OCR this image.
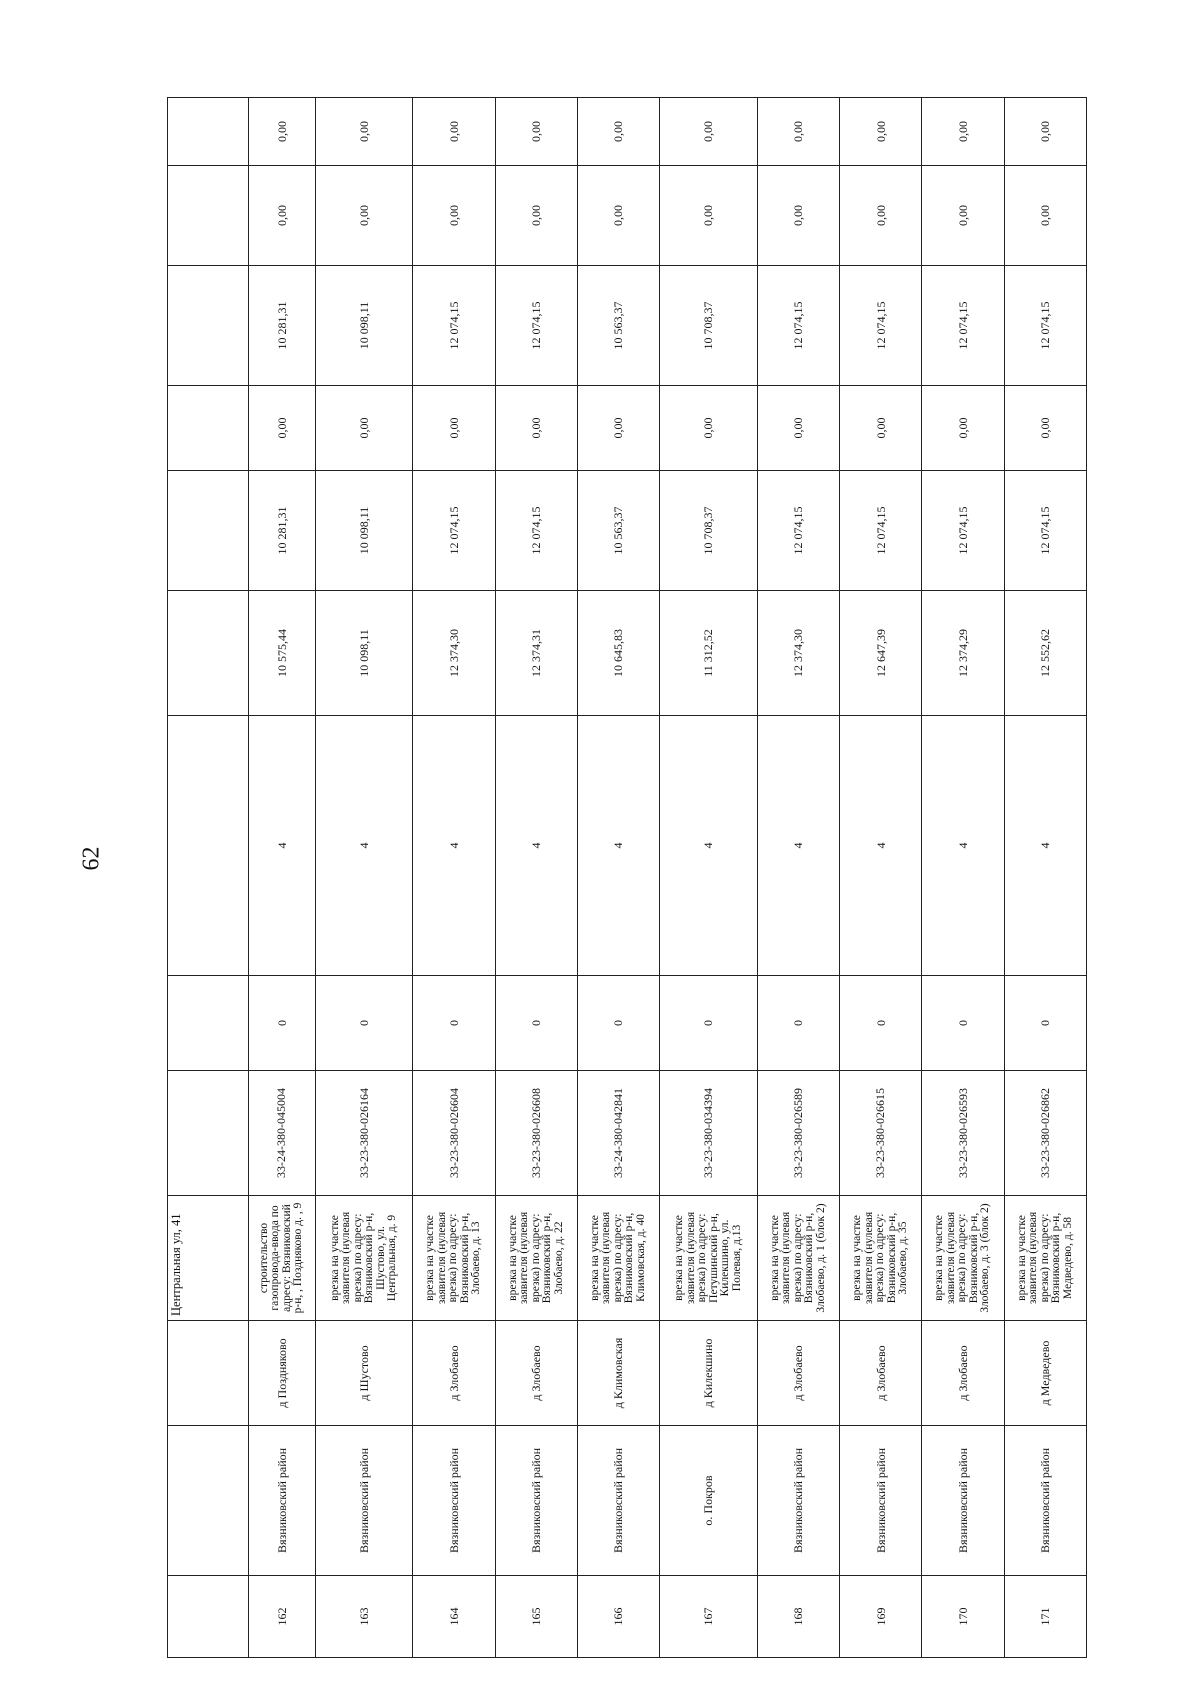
62
			Центральная ул, 41									
162	Вязниковский район	д Поздняково	строительство газопровода-ввода по адресу: Вязниковский р-н, , Поздняково д. , 9	33-24-380-045004	0	4	10 575,44	10 281,31	0,00	10 281,31	0,00	0,00
163	Вязниковский район	д Шустово	врезка на участке заявителя (нулевая врезка) по адресу: Вязниковский р-н, Шустово, ул. Центральная, д. 9	33-23-380-026164	0	4	10 098,11	10 098,11	0,00	10 098,11	0,00	0,00
164	Вязниковский район	д Злобаево	врезка на участке заявителя (нулевая врезка) по адресу: Вязниковский р-н, Злобаево, д. 13	33-23-380-026604	0	4	12 374,30	12 074,15	0,00	12 074,15	0,00	0,00
165	Вязниковский район	д Злобаево	врезка на участке заявителя (нулевая врезка) по адресу: Вязниковский р-н, Злобаево, д. 22	33-23-380-026608	0	4	12 374,31	12 074,15	0,00	12 074,15	0,00	0,00
166	Вязниковский район	д Климовская	врезка на участке заявителя (нулевая врезка) по адресу: Вязниковский р-н, Климовская, д. 40	33-24-380-042841	0	4	10 645,83	10 563,37	0,00	10 563,37	0,00	0,00
167	о. Покров	д Килекшино	врезка на участке заявителя (нулевая врезка) по адресу: Петушинский р-н, Килекшино, ул. Полевая, д.13	33-23-380-034394	0	4	11 312,52	10 708,37	0,00	10 708,37	0,00	0,00
168	Вязниковский район	д Злобаево	врезка на участке заявителя (нулевая врезка) по адресу: Вязниковский р-н, Злобаево, д. 1 (блок 2)	33-23-380-026589	0	4	12 374,30	12 074,15	0,00	12 074,15	0,00	0,00
169	Вязниковский район	д Злобаево	врезка на участке заявителя (нулевая врезка) по адресу: Вязниковский р-н, Злобаево, д. 35	33-23-380-026615	0	4	12 647,39	12 074,15	0,00	12 074,15	0,00	0,00
170	Вязниковский район	д Злобаево	врезка на участке заявителя (нулевая врезка) по адресу: Вязниковский р-н, Злобаево, д. 3 (блок 2)	33-23-380-026593	0	4	12 374,29	12 074,15	0,00	12 074,15	0,00	0,00
171	Вязниковский район	д Медведево	врезка на участке заявителя (нулевая врезка) по адресу: Вязниковский р-н, Медведево, д. 58	33-23-380-026862	0	4	12 552,62	12 074,15	0,00	12 074,15	0,00	0,00
